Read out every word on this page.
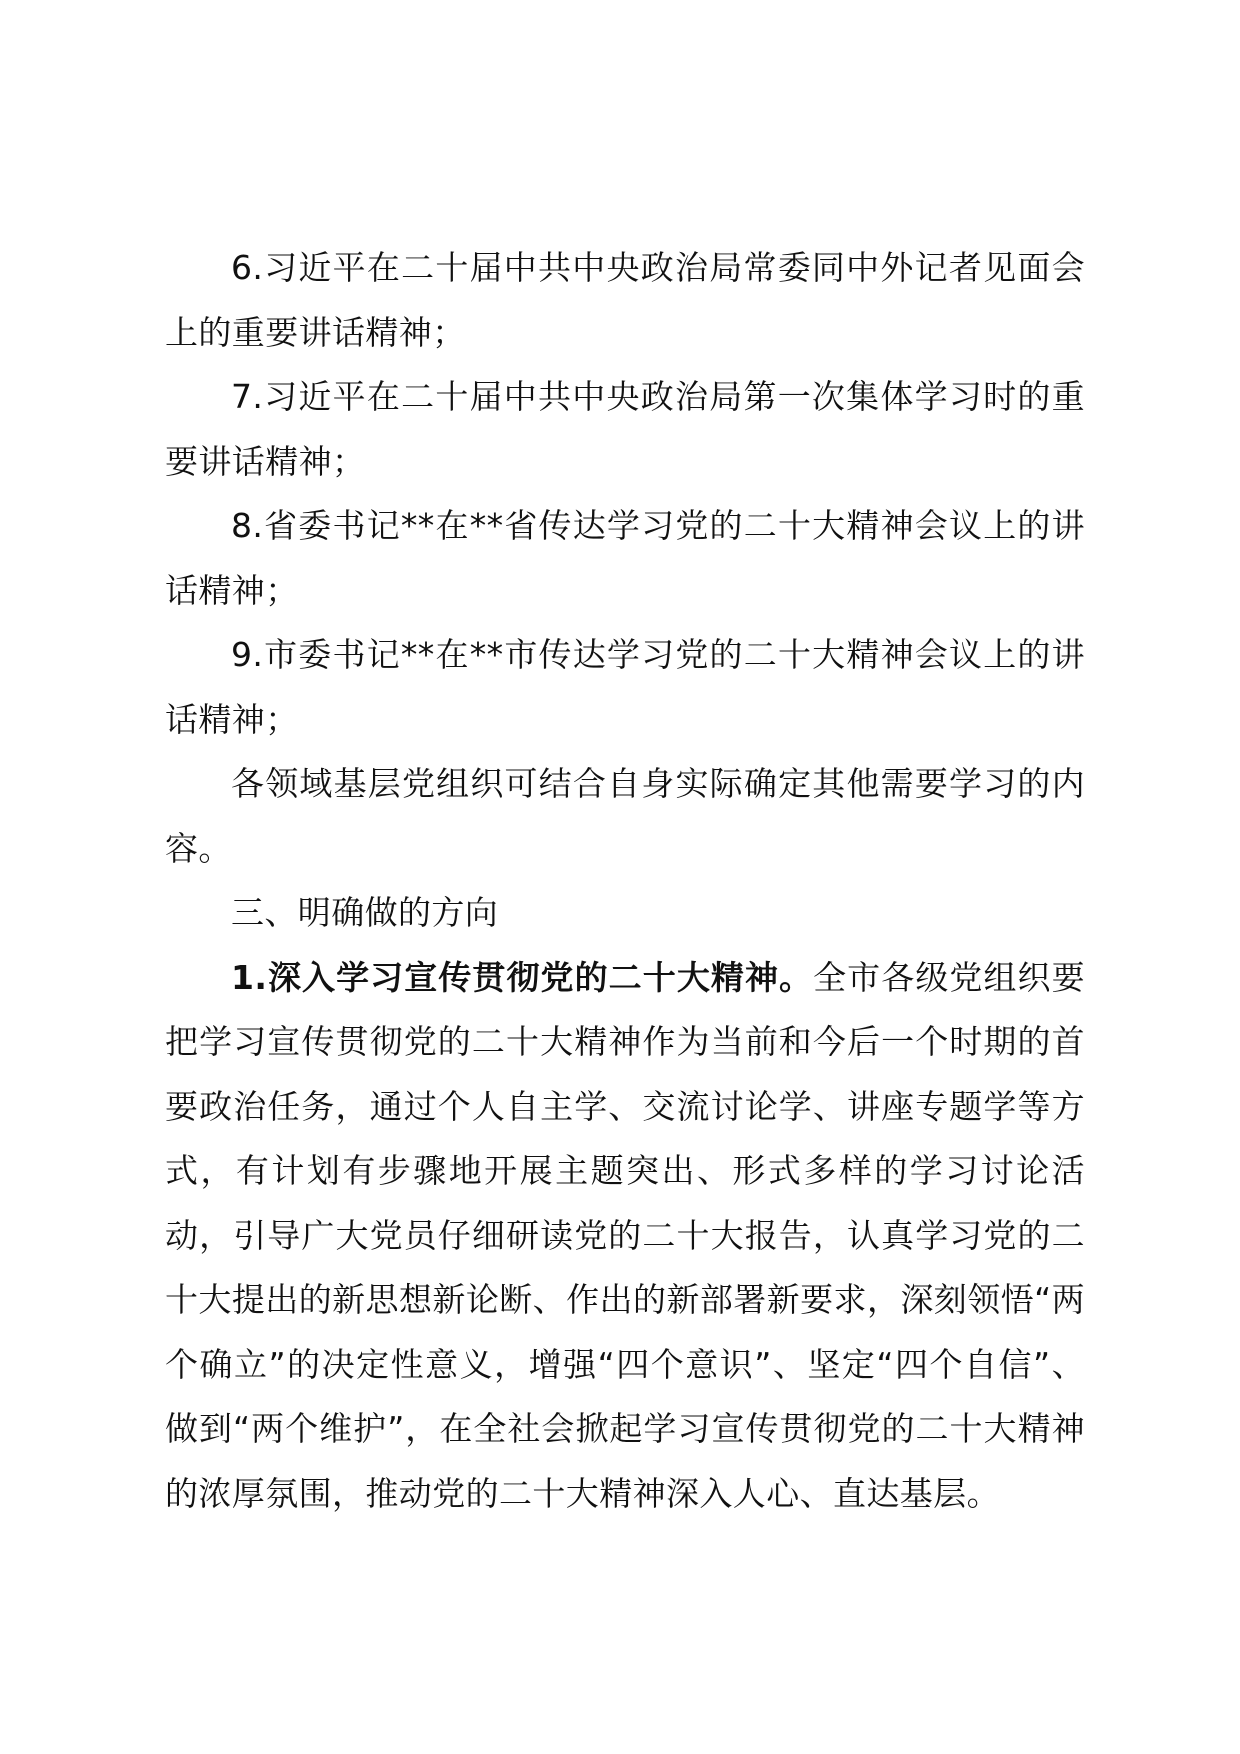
6.习近平在二十届中共中央政治局常委同中外记者见面会上的重要讲话精神；

7.习近平在二十届中共中央政治局第一次集体学习时的重要讲话精神；

8.省委书记**在**省传达学习党的二十大精神会议上的讲话精神；

9.市委书记**在**市传达学习党的二十大精神会议上的讲话精神；

各领域基层党组织可结合自身实际确定其他需要学习的内容。

三、明确做的方向

1.深入学习宣传贯彻党的二十大精神。全市各级党组织要把学习宣传贯彻党的二十大精神作为当前和今后一个时期的首要政治任务，通过个人自主学、交流讨论学、讲座专题学等方式，有计划有步骤地开展主题突出、形式多样的学习讨论活动，引导广大党员仔细研读党的二十大报告，认真学习党的二十大提出的新思想新论断、作出的新部署新要求，深刻领悟“两个确立”的决定性意义，增强“四个意识”、坚定“四个自信”、做到“两个维护”，在全社会掀起学习宣传贯彻党的二十大精神的浓厚氛围，推动党的二十大精神深入人心、直达基层。
